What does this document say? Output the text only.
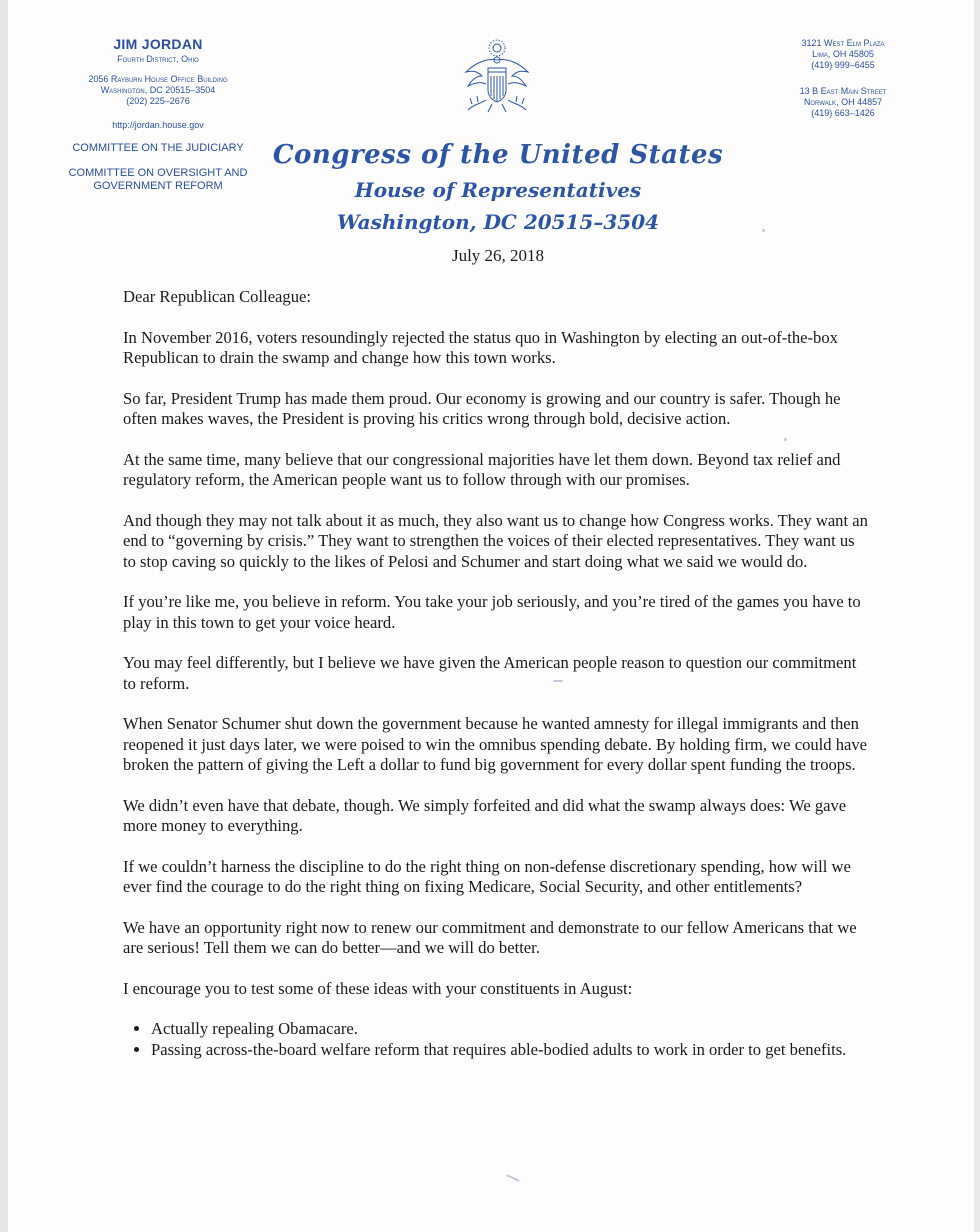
JIM JORDAN
Fourth District, Ohio
2056 Rayburn House Office Building
Washington, DC 20515–3504
(202) 225–2676
http://jordan.house.gov
COMMITTEE ON THE JUDICIARY
COMMITTEE ON OVERSIGHT AND
GOVERNMENT REFORM
3121 West Elm Plaza
Lima, OH 45805
(419) 999–6455
13 B East Main Street
Norwalk, OH 44857
(419) 663–1426
Congress of the United States
House of Representatives
Washington, DC 20515–3504
July 26, 2018

Dear Republican Colleague:

In November 2016, voters resoundingly rejected the status quo in Washington by electing an out-of-the-box Republican to drain the swamp and change how this town works.

So far, President Trump has made them proud. Our economy is growing and our country is safer. Though he often makes waves, the President is proving his critics wrong through bold, decisive action.

At the same time, many believe that our congressional majorities have let them down. Beyond tax relief and regulatory reform, the American people want us to follow through with our promises.

And though they may not talk about it as much, they also want us to change how Congress works. They want an end to “governing by crisis.” They want to strengthen the voices of their elected representatives. They want us to stop caving so quickly to the likes of Pelosi and Schumer and start doing what we said we would do.

If you’re like me, you believe in reform. You take your job seriously, and you’re tired of the games you have to play in this town to get your voice heard.

You may feel differently, but I believe we have given the American people reason to question our commitment to reform.

When Senator Schumer shut down the government because he wanted amnesty for illegal immigrants and then reopened it just days later, we were poised to win the omnibus spending debate. By holding firm, we could have broken the pattern of giving the Left a dollar to fund big government for every dollar spent funding the troops.

We didn’t even have that debate, though. We simply forfeited and did what the swamp always does: We gave more money to everything.

If we couldn’t harness the discipline to do the right thing on non-defense discretionary spending, how will we ever find the courage to do the right thing on fixing Medicare, Social Security, and other entitlements?

We have an opportunity right now to renew our commitment and demonstrate to our fellow Americans that we are serious! Tell them we can do better—and we will do better.

I encourage you to test some of these ideas with your constituents in August:

• Actually repealing Obamacare.
• Passing across-the-board welfare reform that requires able-bodied adults to work in order to get benefits.
